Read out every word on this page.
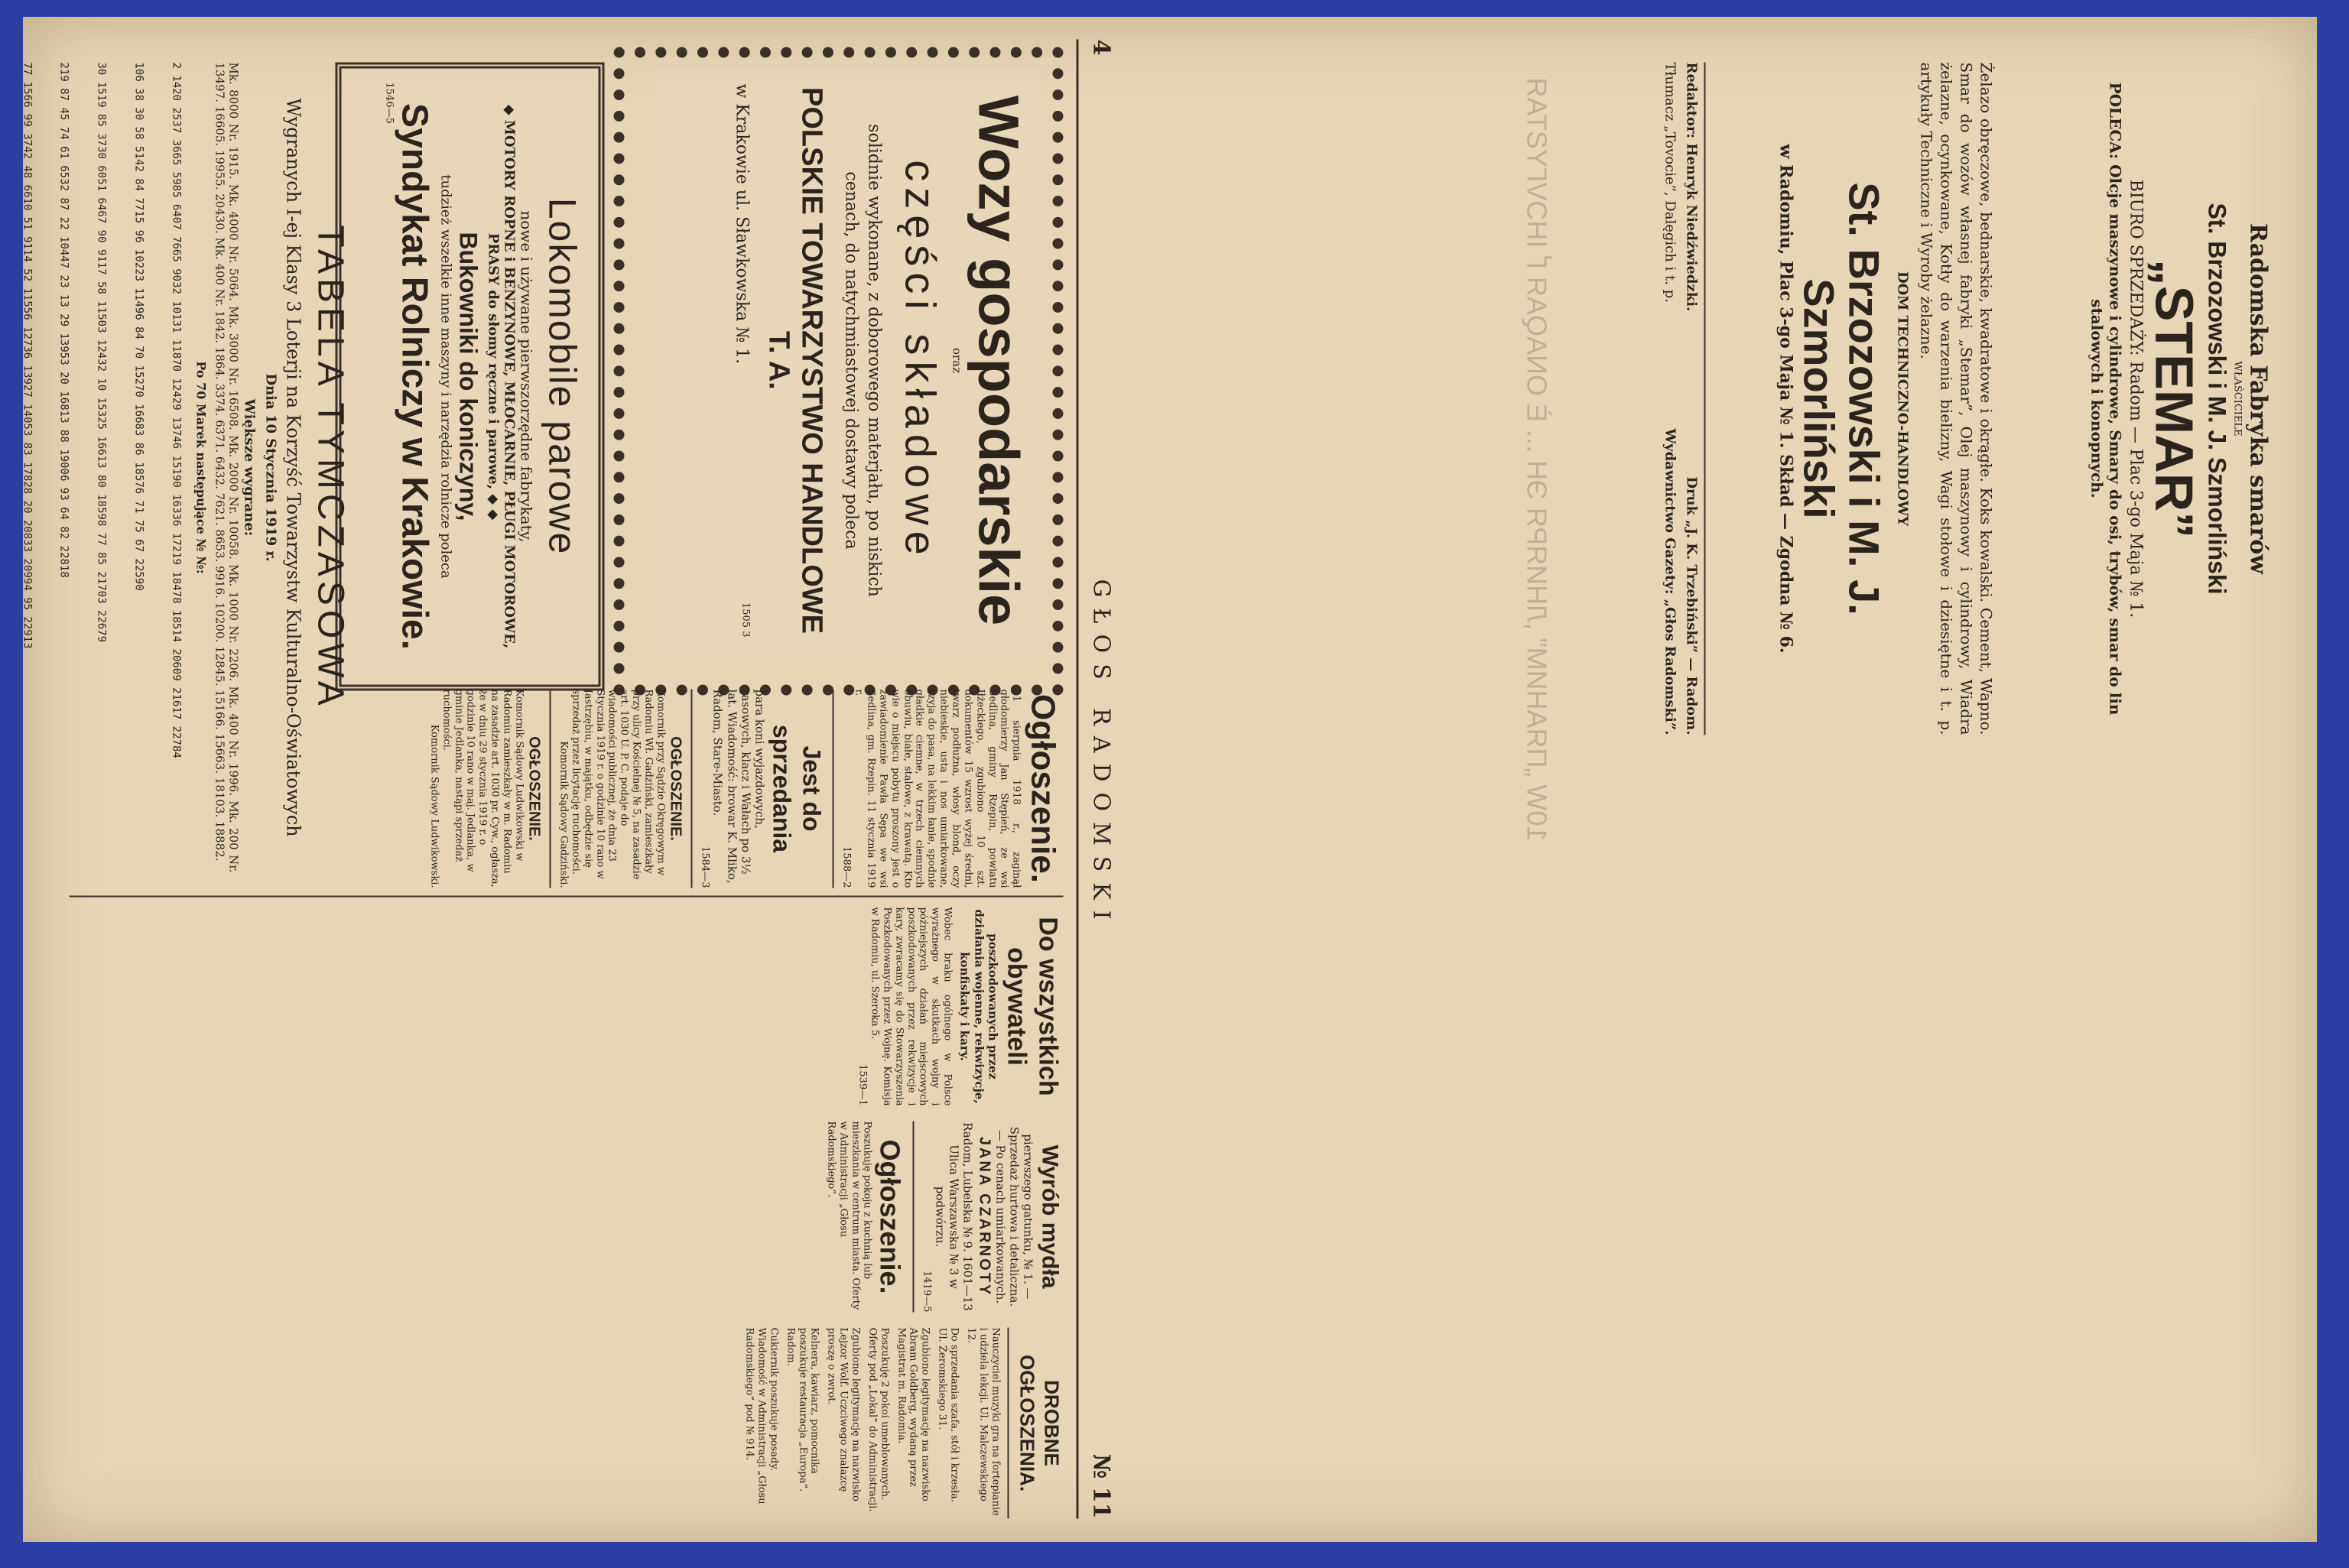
4
GŁOS RADOMSKI
№ 11
Wozy gospodarskie
oraz
części składowe
solidnie wykonane, z doborowego materjału, po niskich cenach, do natychmiastowej dostawy poleca
POLSKIE TOWARZYSTWO HANDLOWE T. A.
w Krakowie ul. Sławkowska № 1.
1505 3
Ogłoszenie.
21 sierpnia 1918 r., zaginął głodomierzy Jan Stępień, ze wsi Sedlina, gminy Rzepin, powiatu Iłżeckiego, zgubiono 10 szt. dokumentów 15 wzrost wyżej średni, twarz podłużna, włosy blond, oczy niebieskie, usta i nos umiarkowane, szyja do pasa, na lekkim łanie, spodnie gładkie ciemne, w trzech ciemnych obuwiu, białe, stalowe, z krawatą. Kto wie o miejscu pobytu proszony jest o zawiadomienie Pawła Sępa we wsi Sedlina, gm. Rzepin. 11 stycznia 1919 r.
1588—2
Jest do sprzedania
para koni wyjazdowych, rasowych, klacz i Wałach po 3½ lat. Wiadomość: browar K. Mliko, Radom, Stare-Miasto.
1584—3
OGŁOSZENIE.
Komornik przy Sądzie Okręgowym w Radomiu Wł. Gadziński, zamieszkały przy ulicy Kościelnej № 5, na zasadzie art. 1030 U. P. C. podaje do wiadomości publicznej, że dnia 23 Stycznia 1919 r. o godzinie 10 rano w Jastrzębiu, w majątku, odbędzie się sprzedaż przez licytację ruchomości.
Komornik Sądowy Gadziński.
OGŁOSZENIE.
Komornik Sądowy Ludwikowski w Radomiu zamieszkały w m. Radomiu na zasadzie art. 1030 pr. Cyw., ogłasza, że w dniu 29 stycznia 1919 r. o godzinie 10 rano w maj. Jedlanka, w gminie Jedlanka, nastąpi sprzedaż ruchomości.
Komornik Sądowy Ludwikowski.
Do wszystkich obywateli
poszkodowanych przez działania wojenne, rekwizycje, konfiskaty i kary.
Wobec braku ogólnego w Polsce wyrażnego w skutkach wojny i późniejszych działań miejscowych poszkodowanych przez rekwizycje i kary, zwracamy się do Stowarzyszenia Poszkodowanych przez Wojnę. Komisja w Radomiu, ul. Szeroka 5.
1539—1
Wyrób mydła
pierwszego gatunku, № 1. — Sprzedaż hurtowa i detaliczna. — Po cenach umiarkowanych.
JANA CZARNOTY
Radom, Lubelska № 9. 1601—13
Ulica Warszawska № 3 w podwórzu.
1419—5
Ogłoszenie.
Poszukuję pokoju z kuchnią lub mieszkania w centrum miasta. Oferty w Administracji „Głosu Radomskiego”.
DROBNE OGŁOSZENIA.
Nauczyciel muzyki gra na fortepianie i udziela lekcji. Ul. Malczewskiego 12.
Do sprzedania szafa, stół i krzesła. Ul. Żeromskiego 31.
Zgubiono legitymację na nazwisko Abram Goldberg, wydaną przez Magistrat m. Radomia.
Poszukuję 2 pokoi umeblowanych. Oferty pod „Lokal” do Administracji.
Zgubiono legitymację na nazwisko Lejzor Wolf. Uczciwego znalazcę proszę o zwrot.
Kelnera, kawiarz, pomocnika poszukuje restauracja „Europa”. Radom.
Cukiernik poszukuje posady. Wiadomość w Administracji „Głosu Radomskiego” pod № 914.
Lokomobile parowe
nowe i używane pierwszorzędne fabrykaty,
◆ MOTORY ROPNE i BENZYNOWE, MŁOCARNIE, PŁUGI MOTOROWE, PRASY do słomy ręczne i parowe, ◆ ◆
Bukowniki do koniczyny,
tudzież wszelkie inne maszyny i narzędzia rolnicze poleca
Syndykat Rolniczy w Krakowie.
1546—5
TABELA TYMCZASOWA
Wygranych I-ej Klasy 3 Loterji na Korzyść Towarzystw Kulturalno-Oświatowych
Dnia 10 Stycznia 1919 r.
Większe wygrane:
Mk. 8000 Nr. 1915. Mk. 4000 Nr. 5064. Mk. 3000 Nr. 16508. Mk. 2000 Nr. 10058. Mk. 1000 Nr. 2206. Mk. 400 Nr. 1996. Mk. 200 Nr. 13497. 16605. 19955. 20430. Mk. 400 Nr. 1842. 1864. 3374. 6371. 6432. 7621. 8653. 9916. 10200. 12845. 15166. 15663. 18103. 18882.
Po 70 Marek następujące № №:

2 1420 2537 3665 5985 6407 7665 9032 10131 11870 12429 13746 15190 16336 17219 18478 18514 20609 21617 22784

106 38 30 58 5142 84 7715 96 10223 11496 84 70 15270 16683 86 18576 71 75 67 22590

30 1519 85 3730 6051 6467 90 9117 58 11503 12432 10 15325 16613 80 18598 77 85 21703 22679

219 87 45 74 61 6532 87 22 10447 23 13 29 13953 20 16813 88 19006 93 64 82 22818

77 1566 99 3742 48 6610 51 9114 52 11556 12736 13927 14053 83 17828 20 20833 20994 95 22913

	Radomska Fabryka smarów
WŁAŚCICIELE
St. Brzozowski i M. J. Szmorliński
„STEMAR”
BIURO SPRZEDAŻY: Radom — Plac 3-go Maja № 1.
POLECA: Olcje maszynowe i cylindrowe, Smary do osi, trybów, smar do lin stalowych i konopnych.
Żelazo obręczowe, bednarskie, kwadratowe i okrągłe. Koks kowalski. Cement, Wapno. Smar do wozów własnej fabryki „Stemar”, Olej maszynowy i cylindrowy, Wiadra żelazne, ocynkowane, Kotły do warzenia bielizny, Wagi stołowe i dziesiętne i t. p. artykuły Techniczne i Wyroby żelazne.
DOM TECHNICZNO-HANDLOWY
St. Brzozowski i M. J. Szmorliński
w Radomiu, Plac 3-go Maja № 1. Skład — Zgodna № 6.
Redaktor: Henryk Niedźwiedzki.
Druk „J. K. Trzebiński” — Radom.
Tłumacz „Tovocie”, Dalęgich i t. p.
Wydawnictwo Gazety: „Głos Radomski”.
10W „ПЯАНИМ” ,ЛНИЯРЯ ЭН ... Ѐ ONAQAЯ Ґ IHƆVГYƧTAЯ
